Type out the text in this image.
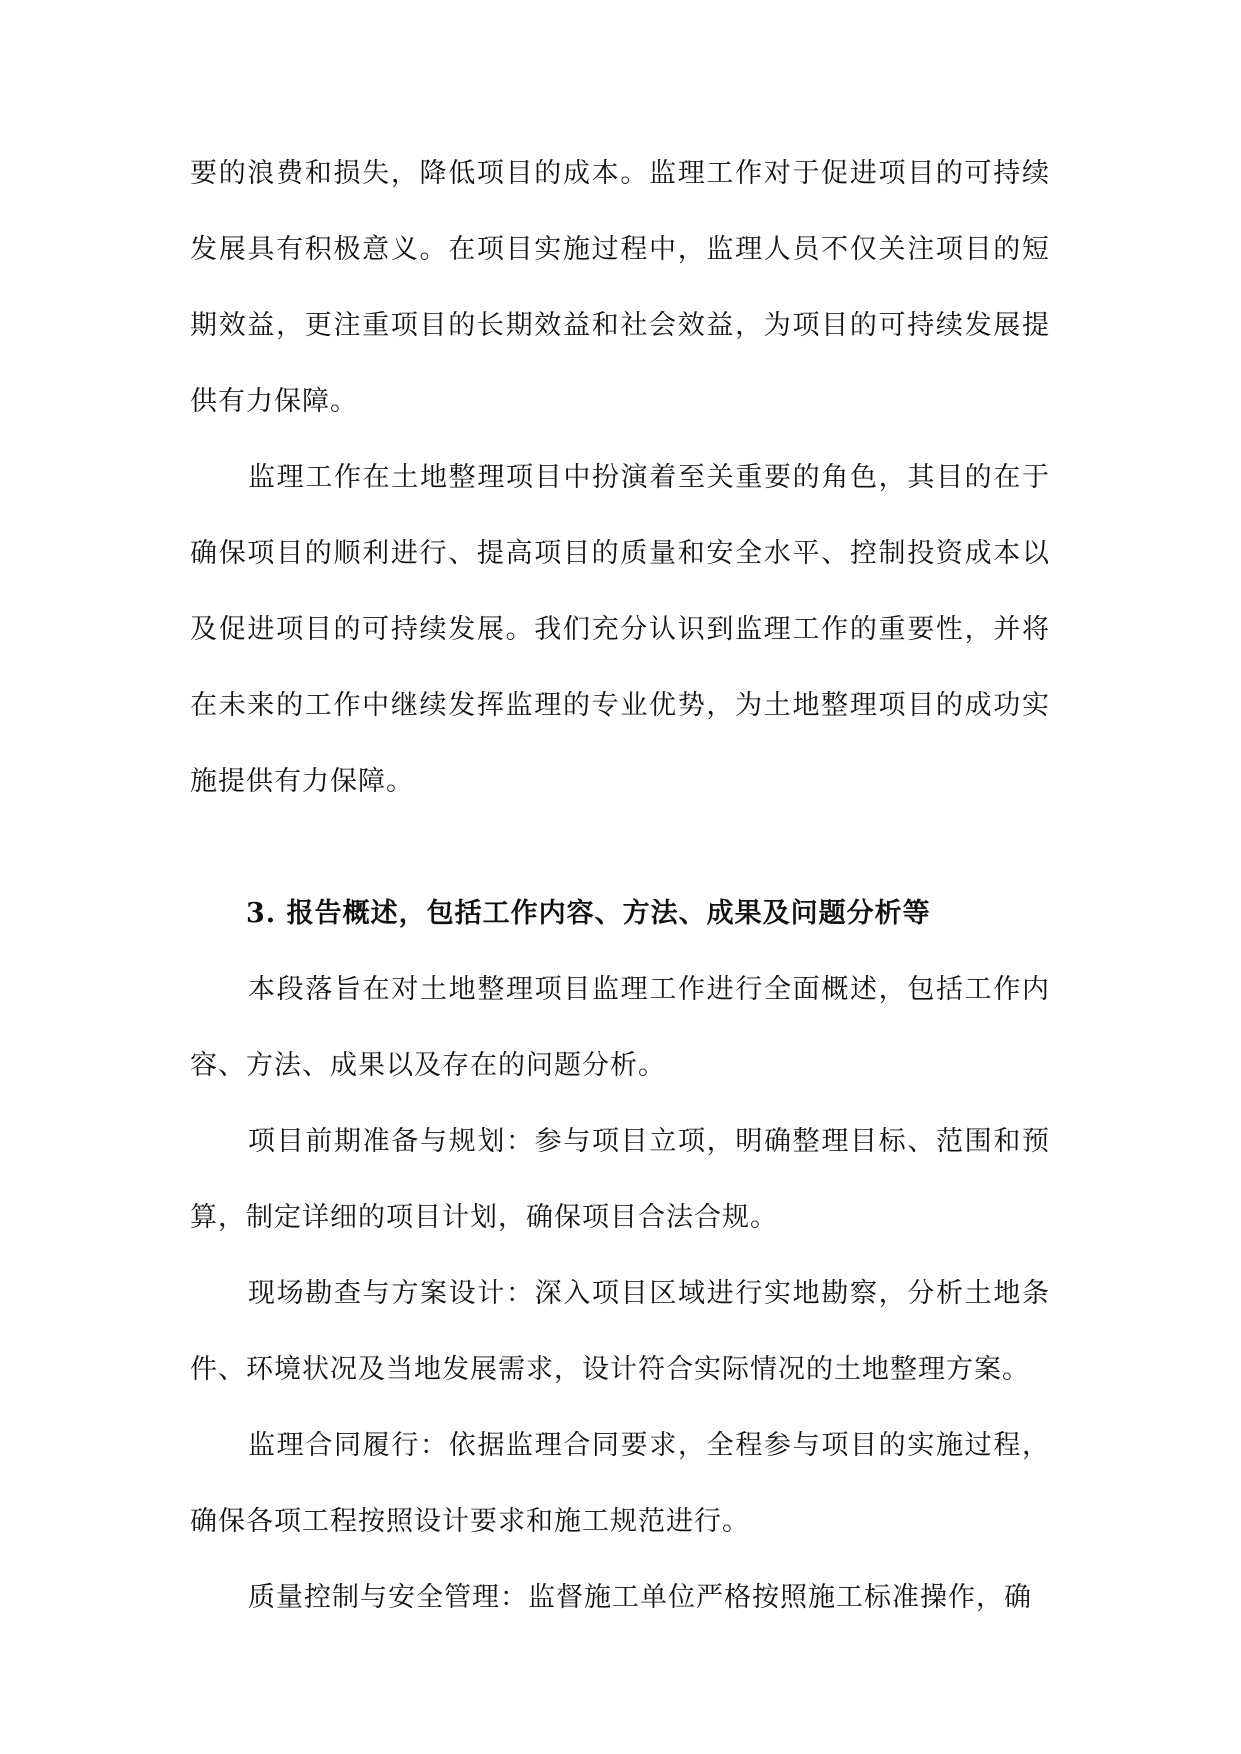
要的浪费和损失，降低项目的成本。监理工作对于促进项目的可持续发展具有积极意义。在项目实施过程中，监理人员不仅关注项目的短期效益，更注重项目的长期效益和社会效益，为项目的可持续发展提供有力保障。

监理工作在土地整理项目中扮演着至关重要的角色，其目的在于确保项目的顺利进行、提高项目的质量和安全水平、控制投资成本以及促进项目的可持续发展。我们充分认识到监理工作的重要性，并将在未来的工作中继续发挥监理的专业优势，为土地整理项目的成功实施提供有力保障。

3. 报告概述，包括工作内容、方法、成果及问题分析等

本段落旨在对土地整理项目监理工作进行全面概述，包括工作内容、方法、成果以及存在的问题分析。

项目前期准备与规划：参与项目立项，明确整理目标、范围和预算，制定详细的项目计划，确保项目合法合规。

现场勘查与方案设计：深入项目区域进行实地勘察，分析土地条件、环境状况及当地发展需求，设计符合实际情况的土地整理方案。

监理合同履行：依据监理合同要求，全程参与项目的实施过程，确保各项工程按照设计要求和施工规范进行。

质量控制与安全管理：监督施工单位严格按照施工标准操作，确
